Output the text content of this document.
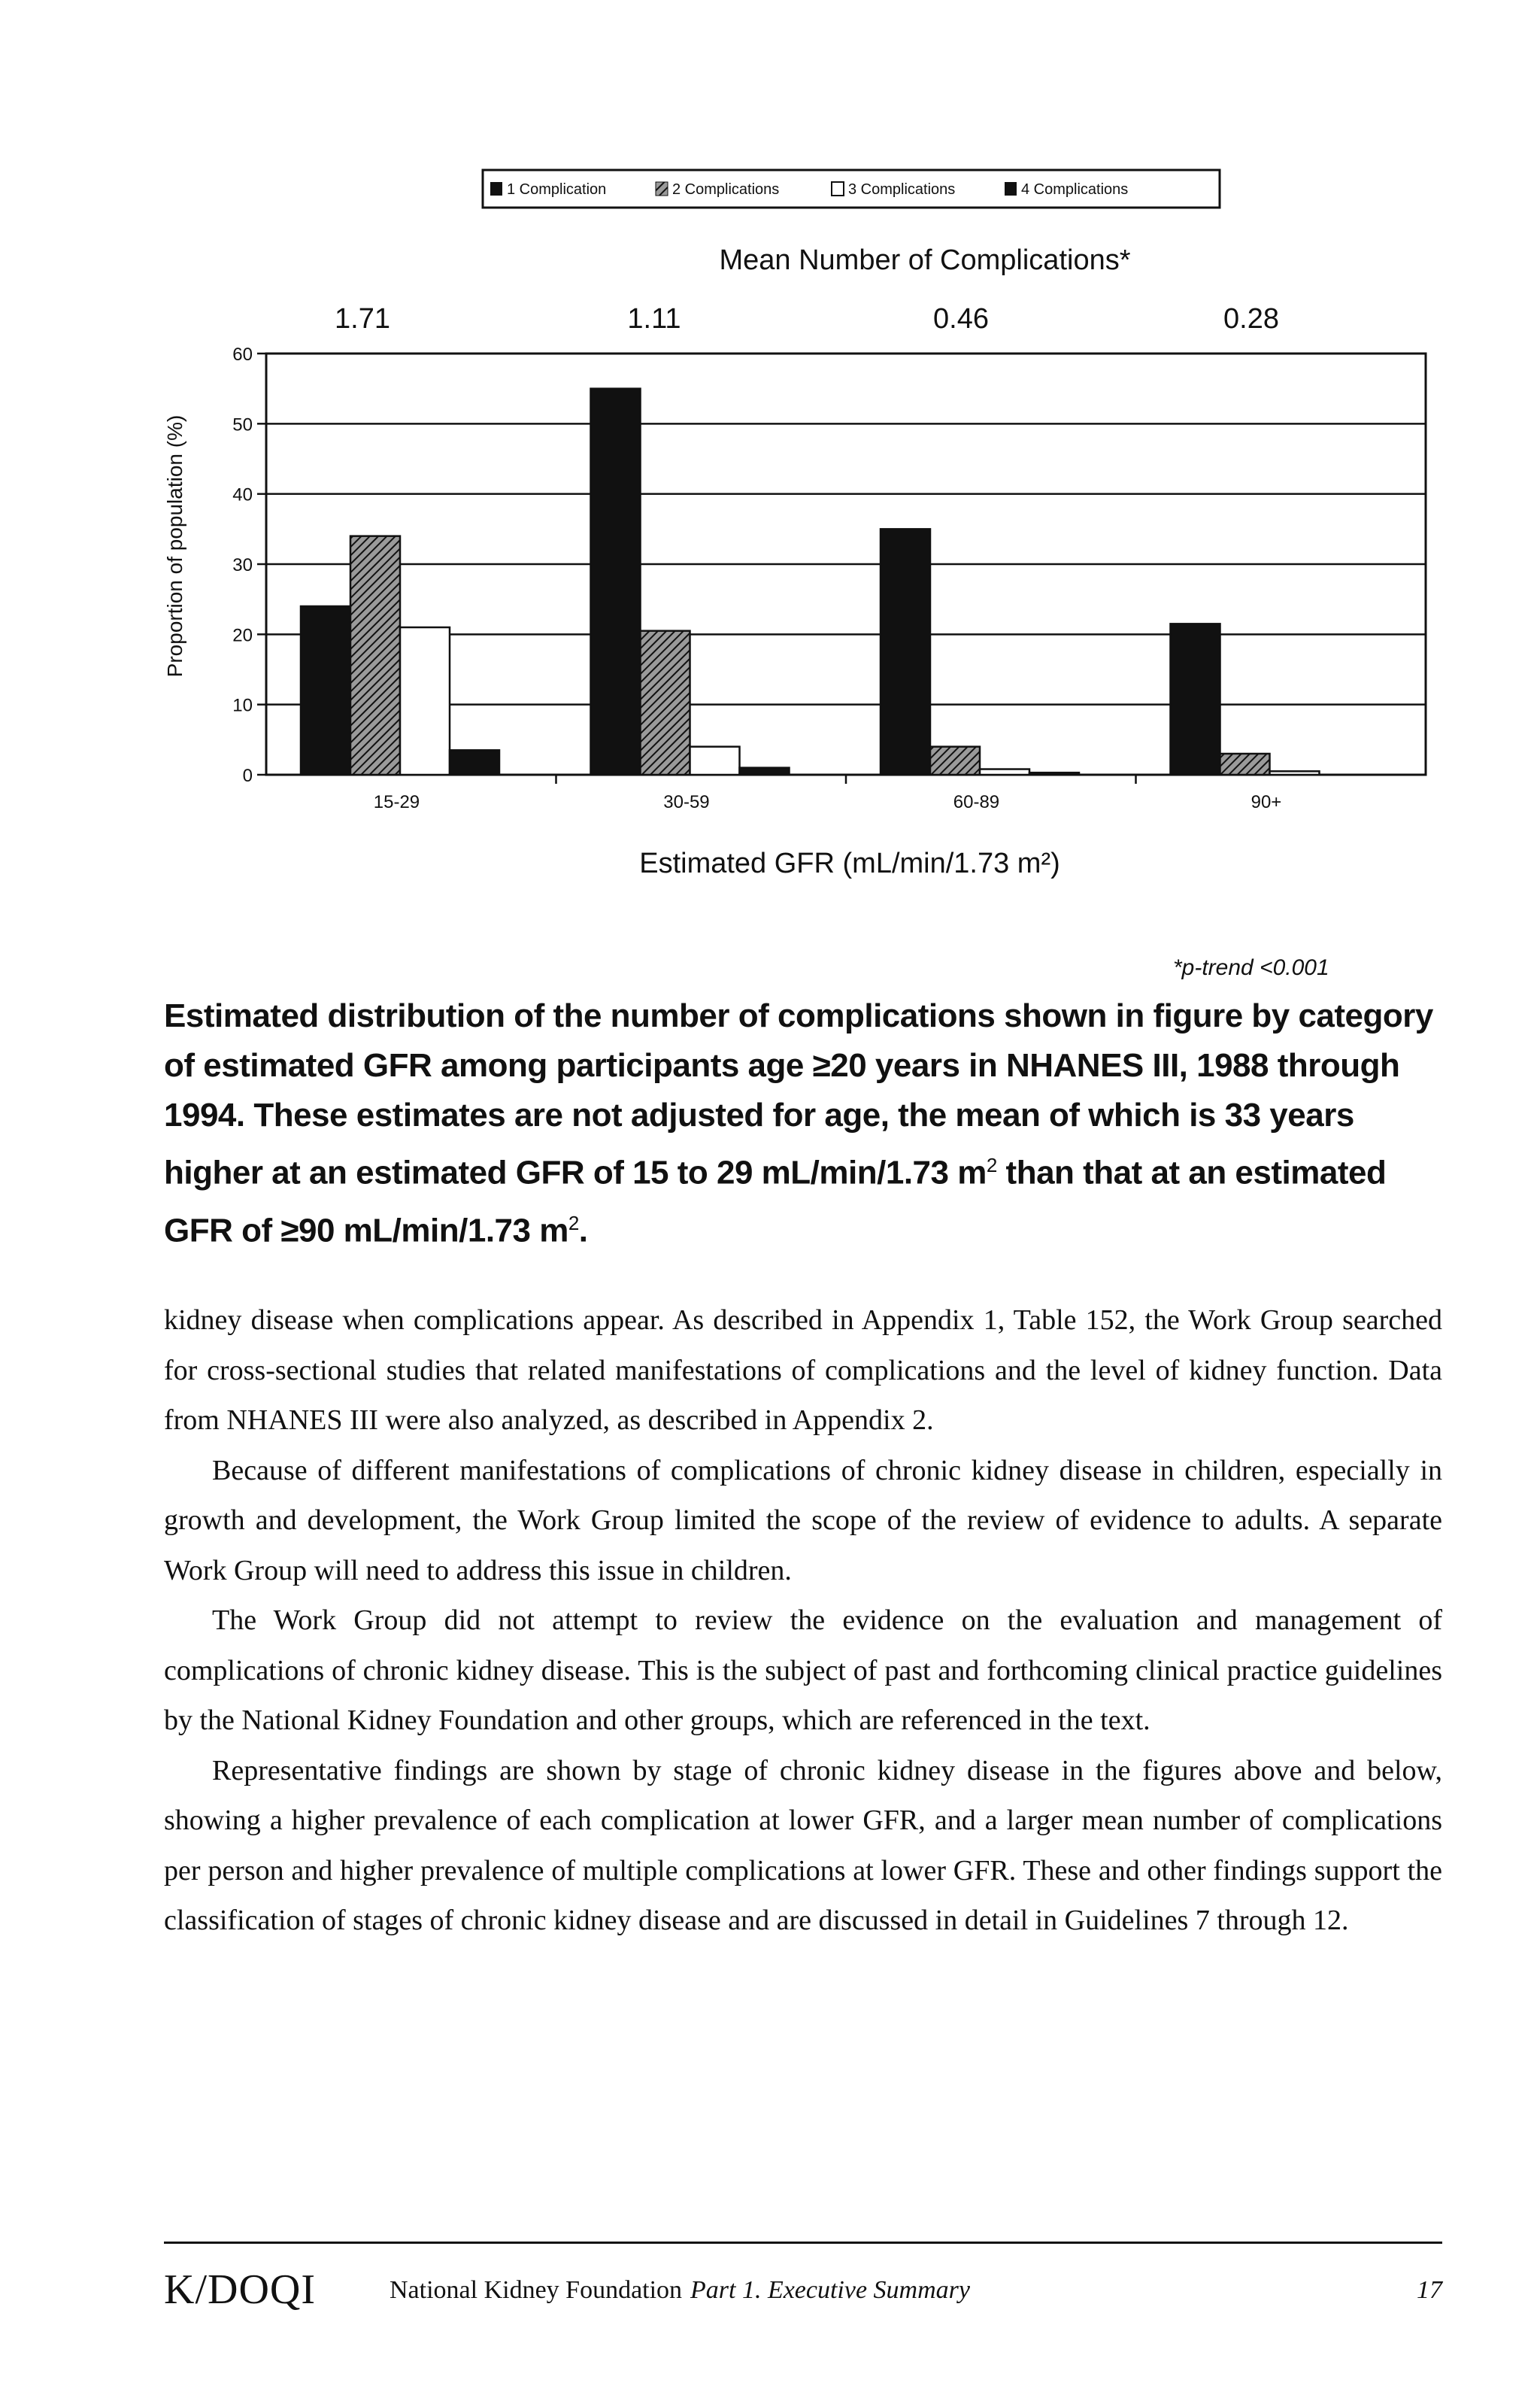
1 Complication	2 Complications	3 Complications	4 Complications
Mean Number of Complications*
1.71	1.11	0.46	0.28
Proportion of population (%)
Estimated GFR (mL/min/1.73 m²)
0
10
20
30
40
50
60
15-29	30-59	60-89	90+
*p-trend <0.001
Estimated distribution of the number of complications shown in figure by category of estimated GFR among participants age ≥20 years in NHANES III, 1988 through 1994. These estimates are not adjusted for age, the mean of which is 33 years higher at an estimated GFR of 15 to 29 mL/min/1.73 $m^2$ than that at an estimated GFR of ≥90 mL/min/1.73 $m^2$.

kidney disease when complications appear. As described in Appendix 1, Table 152, the Work Group searched for cross-sectional studies that related manifestations of complications and the level of kidney function. Data from NHANES III were also analyzed, as described in Appendix 2.

Because of different manifestations of complications of chronic kidney disease in children, especially in growth and development, the Work Group limited the scope of the review of evidence to adults. A separate Work Group will need to address this issue in children.

The Work Group did not attempt to review the evidence on the evaluation and management of complications of chronic kidney disease. This is the subject of past and forthcoming clinical practice guidelines by the National Kidney Foundation and other groups, which are referenced in the text.

Representative findings are shown by stage of chronic kidney disease in the figures above and below, showing a higher prevalence of each complication at lower GFR, and a larger mean number of complications per person and higher prevalence of multiple complications at lower GFR. These and other findings support the classification of stages of chronic kidney disease and are discussed in detail in Guidelines 7 through 12.

K/DOQI	National Kidney Foundation Part 1. Executive Summary	17
